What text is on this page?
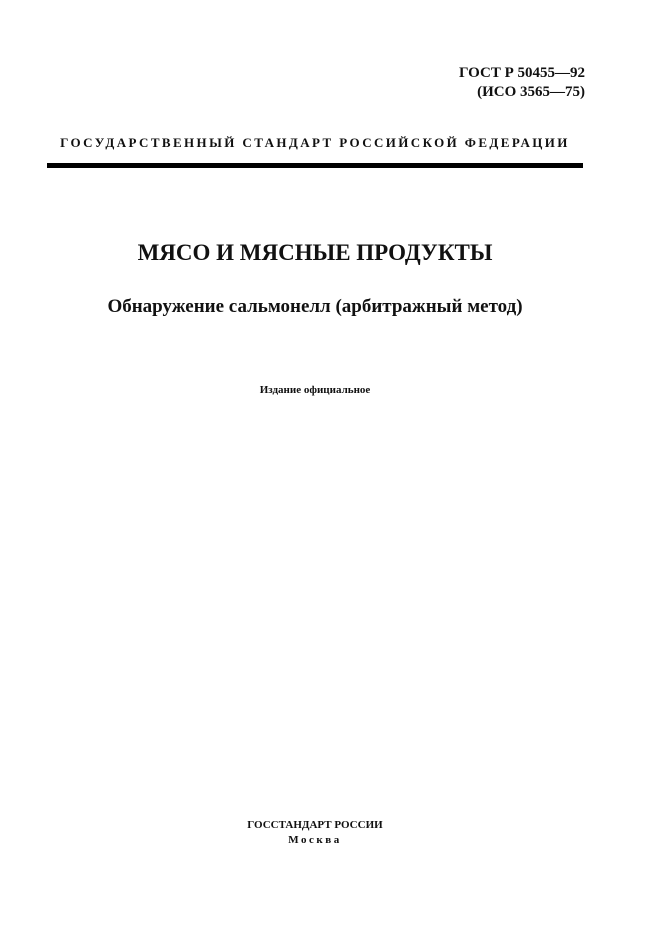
ГОСТ Р 50455—92
(ИСО 3565—75)
ГОСУДАРСТВЕННЫЙ СТАНДАРТ РОССИЙСКОЙ ФЕДЕРАЦИИ
МЯСО И МЯСНЫЕ ПРОДУКТЫ
Обнаружение сальмонелл (арбитражный метод)
Издание официальное
ГОССТАНДАРТ РОССИИ
Москва
